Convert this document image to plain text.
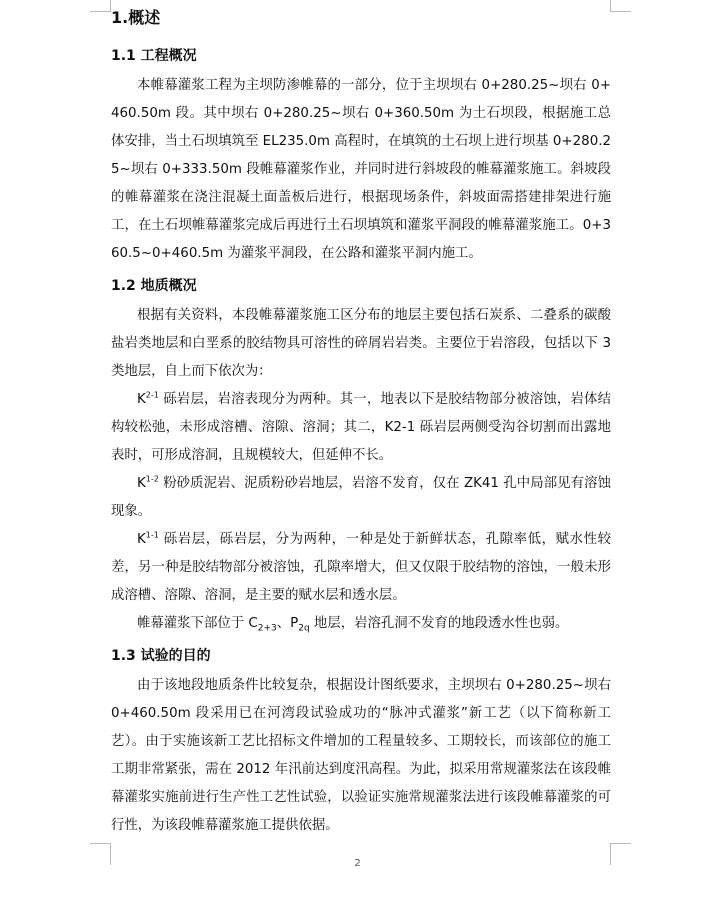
1.概述
1.1 工程概况

本帷幕灌浆工程为主坝防渗帷幕的一部分，位于主坝坝右 0+280.25~坝右 0+460.50m 段。其中坝右 0+280.25~坝右 0+360.50m 为土石坝段，根据施工总体安排，当土石坝填筑至 EL235.0m 高程时，在填筑的土石坝上进行坝基 0+280.25~坝右 0+333.50m 段帷幕灌浆作业，并同时进行斜坡段的帷幕灌浆施工。斜坡段的帷幕灌浆在浇注混凝土面盖板后进行，根据现场条件，斜坡面需搭建排架进行施工，在土石坝帷幕灌浆完成后再进行土石坝填筑和灌浆平洞段的帷幕灌浆施工。0+360.5~0+460.5m 为灌浆平洞段，在公路和灌浆平洞内施工。

1.2 地质概况

根据有关资料，本段帷幕灌浆施工区分布的地层主要包括石炭系、二叠系的碳酸盐岩类地层和白垩系的胶结物具可溶性的碎屑岩岩类。主要位于岩溶段，包括以下 3 类地层，自上而下依次为：

$K^{2-1}$ 砾岩层，岩溶表现分为两种。其一，地表以下是胶结物部分被溶蚀，岩体结构较松弛，未形成溶槽、溶隙、溶洞；其二，K2-1 砾岩层两侧受沟谷切割而出露地表时，可形成溶洞，且规模较大，但延伸不长。

$K^{1-2}$ 粉砂质泥岩、泥质粉砂岩地层，岩溶不发育，仅在 ZK41 孔中局部见有溶蚀现象。

$K^{1-1}$ 砾岩层，砾岩层，分为两种，一种是处于新鲜状态，孔隙率低，赋水性较差，另一种是胶结物部分被溶蚀，孔隙率增大，但又仅限于胶结物的溶蚀，一般未形成溶槽、溶隙、溶洞，是主要的赋水层和透水层。

帷幕灌浆下部位于 $C_{2+3}$、$P_{2q}$ 地层，岩溶孔洞不发育的地段透水性也弱。

1.3 试验的目的

由于该地段地质条件比较复杂，根据设计图纸要求，主坝坝右 0+280.25~坝右 0+460.50m 段采用已在河湾段试验成功的“脉冲式灌浆”新工艺（以下简称新工艺）。由于实施该新工艺比招标文件增加的工程量较多、工期较长，而该部位的施工工期非常紧张，需在 2012 年汛前达到度汛高程。为此，拟采用常规灌浆法在该段帷幕灌浆实施前进行生产性工艺性试验，以验证实施常规灌浆法进行该段帷幕灌浆的可行性，为该段帷幕灌浆施工提供依据。

2
